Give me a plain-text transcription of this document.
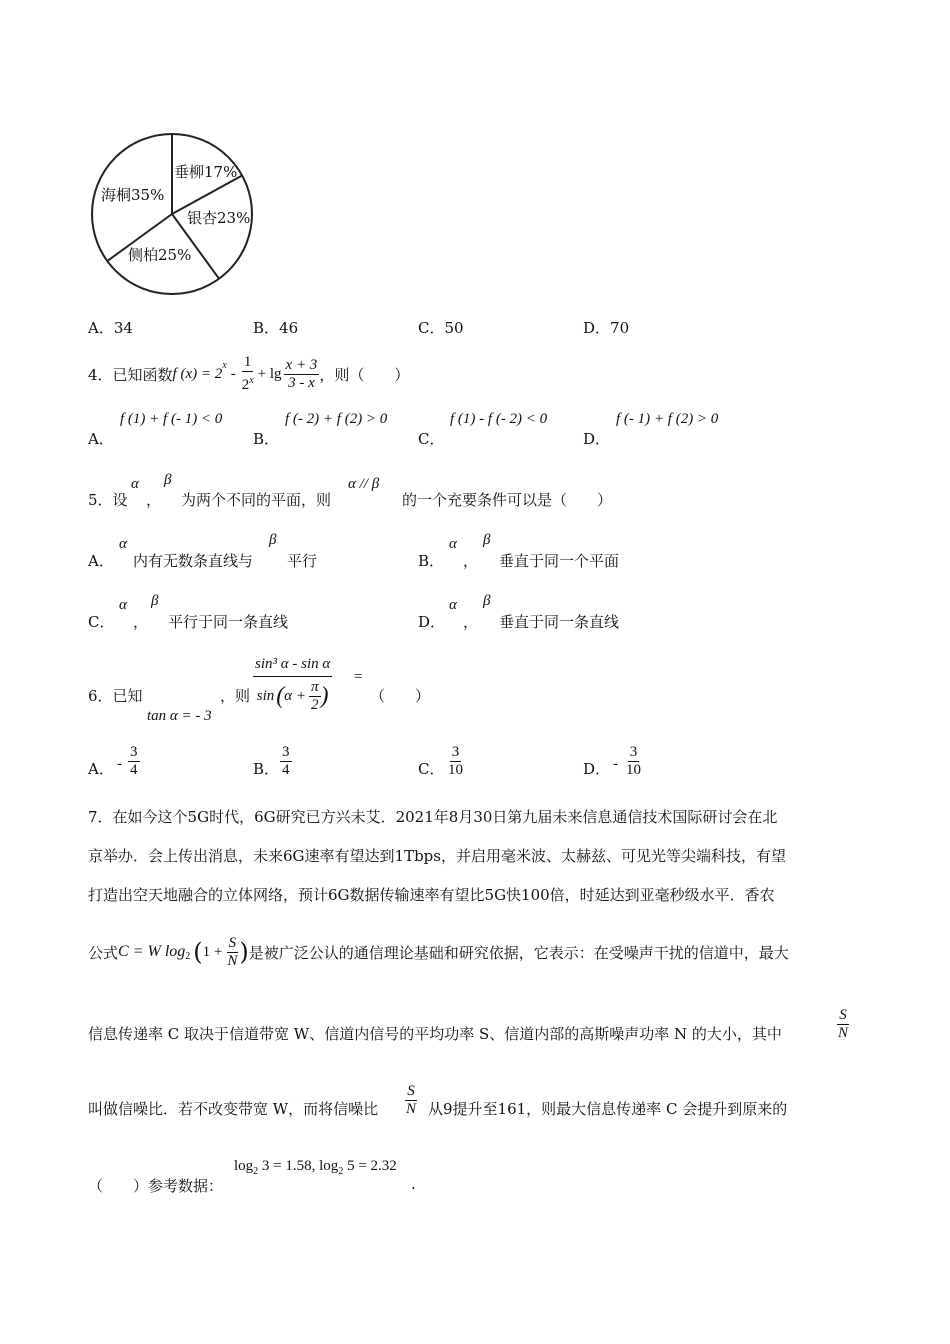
垂柳17%
银杏23%
侧柏25%
海桐35%
A．34	B．46	C．50	D．70
4．已知函数 f (x) = 2 $x - \frac{1}{2^x} + \lg \frac{x + 3}{3 - x}$ ，则（　　）
A．
f (1) + f (- 1) < 0
B．
f (- 2) + f (2) > 0
C．
f (1) - f (- 2) < 0
D．
f (- 1) + f (2) > 0
5．设
α
，
β
为两个不同的平面，则
α // β
的一个充要条件可以是（　　）
A．
α
内有无数条直线与
β
平行	B．
α
，
β
垂直于同一个平面
C．
α
，
β
平行于同一条直线	D．
α
，
β
垂直于同一条直线
6．已知
tan α = - 3
，则 $\frac{\text{sin³ α - sin α}}{\sin ( \alpha + \frac{\pi}{2} )}$ =
（　　）
A． - $\frac{3}{4}$	B． $\frac{3}{4}$	C． $\frac{3}{10}$	D． - $\frac{3}{10}$
7．在如今这个5G时代，6G研究已方兴未艾．2021年8月30日第九届未来信息通信技术国际研讨会在北
京举办．会上传出消息，未来6G速率有望达到1Tbps，并启用毫米波、太赫兹、可见光等尖端科技，有望
打造出空天地融合的立体网络，预计6G数据传输速率有望比5G快100倍，时延达到亚毫秒级水平．香农
公式 C = W log 2 ( $1 + \frac{S}{N}$ ) 是被广泛公认的通信理论基础和研究依据，它表示：在受噪声干扰的信道中，最大
信息传递率 C 取决于信道带宽 W、信道内信号的平均功率 S、信道内部的高斯噪声功率 N 的大小，其中	$\frac{S}{N}$
叫做信噪比．若不改变带宽 W，而将信噪比 $\frac{S}{N}$ 从9提升至161，则最大信息传递率 C 会提升到原来的
（　　）参考数据：
$\log_2 3 = 1.58$, $\log_2 5 = 2.32$
.
